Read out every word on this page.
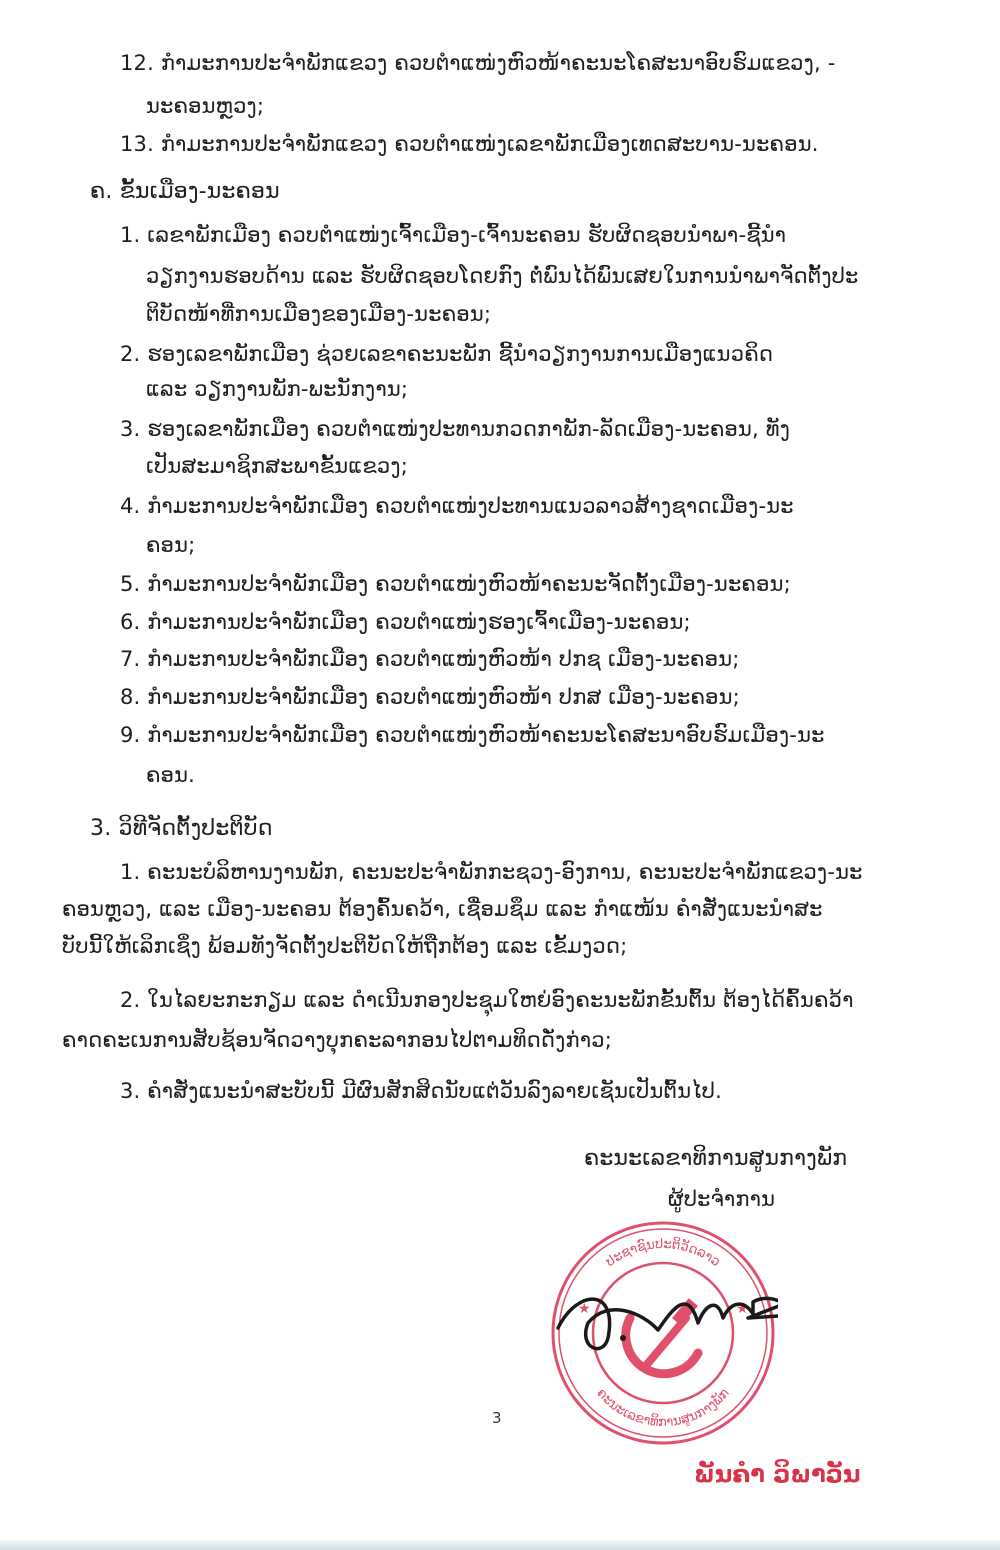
12. ກຳມະການປະຈຳພັກແຂວງ ຄວບຕຳແໜ່ງຫົວໜ້າຄະນະໂຄສະນາອົບຮົມແຂວງ, -
ນະຄອນຫຼວງ;
13. ກຳມະການປະຈຳພັກແຂວງ ຄວບຕຳແໜ່ງເລຂາພັກເມືອງເທດສະບານ-ນະຄອນ.
ຄ. ຂັ້ນເມືອງ-ນະຄອນ
1. ເລຂາພັກເມືອງ ຄວບຕຳແໜ່ງເຈົ້າເມືອງ-ເຈົ້ານະຄອນ ຮັບຜິດຊອບນຳພາ-ຊີ້ນຳ
ວຽກງານຮອບດ້ານ ແລະ ຮັບຜິດຊອບໂດຍກົງ ຕໍ່ພົນໄດ້ພົນເສຍໃນການນຳພາຈັດຕັ້ງປະ
ຕິບັດໜ້າທີ່ການເມືອງຂອງເມືອງ-ນະຄອນ;
2. ຮອງເລຂາພັກເມືອງ ຊ່ວຍເລຂາຄະນະພັກ ຊີ້ນຳວຽກງານການເມືອງແນວຄິດ
ແລະ ວຽກງານພັກ-ພະນັກງານ;
3. ຮອງເລຂາພັກເມືອງ ຄວບຕຳແໜ່ງປະທານກວດກາພັກ-ລັດເມືອງ-ນະຄອນ, ທັງ
ເປັນສະມາຊິກສະພາຂັ້ນແຂວງ;
4. ກຳມະການປະຈຳພັກເມືອງ ຄວບຕຳແໜ່ງປະທານແນວລາວສ້າງຊາດເມືອງ-ນະ
ຄອນ;
5. ກຳມະການປະຈຳພັກເມືອງ ຄວບຕຳແໜ່ງຫົວໜ້າຄະນະຈັດຕັ້ງເມືອງ-ນະຄອນ;
6. ກຳມະການປະຈຳພັກເມືອງ ຄວບຕຳແໜ່ງຮອງເຈົ້າເມືອງ-ນະຄອນ;
7. ກຳມະການປະຈຳພັກເມືອງ ຄວບຕຳແໜ່ງຫົວໜ້າ ປກຊ ເມືອງ-ນະຄອນ;
8. ກຳມະການປະຈຳພັກເມືອງ ຄວບຕຳແໜ່ງຫົວໜ້າ ປກສ ເມືອງ-ນະຄອນ;
9. ກຳມະການປະຈຳພັກເມືອງ ຄວບຕຳແໜ່ງຫົວໜ້າຄະນະໂຄສະນາອົບຮົມເມືອງ-ນະ
ຄອນ.
3. ວິທີຈັດຕັ້ງປະຕິບັດ
1. ຄະນະບໍລິຫານງານພັກ, ຄະນະປະຈຳພັກກະຊວງ-ອົງການ, ຄະນະປະຈຳພັກແຂວງ-ນະ
ຄອນຫຼວງ, ແລະ ເມືອງ-ນະຄອນ ຕ້ອງຄົ້ນຄວ້າ, ເຊື່ອມຊຶມ ແລະ ກຳແໜ້ນ ຄຳສັ່ງແນະນຳສະ
ບັບນີ້ໃຫ້ເລິກເຊິ່ງ ພ້ອມທັງຈັດຕັ້ງປະຕິບັດໃຫ້ຖືກຕ້ອງ ແລະ ເຂັ້ມງວດ;
2. ໃນໄລຍະກະກຽມ ແລະ ດຳເນີນກອງປະຊຸມໃຫຍ່ອົງຄະນະພັກຂັ້ນຕົ້ນ ຕ້ອງໄດ້ຄົ້ນຄວ້າ
ຄາດຄະເນການສັບຊ້ອນຈັດວາງບຸກຄະລາກອນໄປຕາມທິດດັ່ງກ່າວ;
3. ຄຳສັ່ງແນະນຳສະບັບນີ້ ມີຜົນສັກສິດນັບແຕ່ວັນລົງລາຍເຊັນເປັນຕົ້ນໄປ.
ຄະນະເລຂາທິການສູນກາງພັກ
ຜູ້ປະຈຳການ
ປະຊາຊົນປະຕິວັດລາວ
ຄະນະເລຂາທິການສູນກາງພັກ
★	★
3
ພັນຄຳ ວິພາວັນ
